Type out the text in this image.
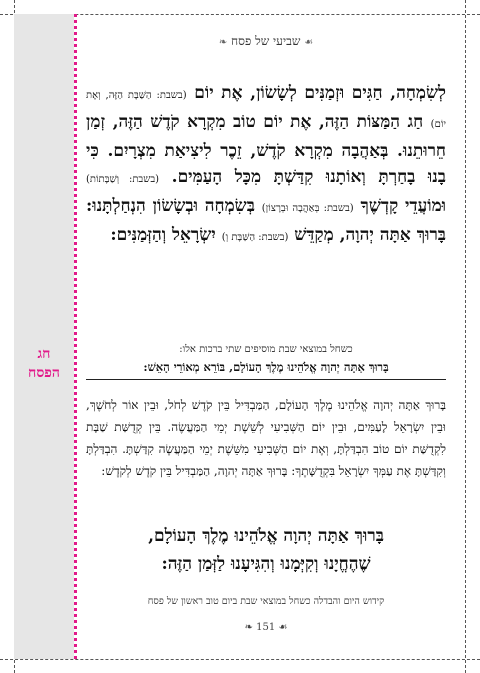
חג
הפסח
☙ שביעי של פסח ❧
לְשִׂמְחָה, חַגִּים וּזְמַנִּים לְשָׂשׂוֹן, אֶת יוֹם (בשבת: הַשַּׁבָּת הַזֶּה, וְאֶת יוֹם) חַג הַמַּצּוֹת הַזֶּה, אֶת יוֹם טוֹב מִקְרָא קֹדֶשׁ הַזֶּה, זְמַן חֵרוּתֵנוּ. בְּאַהֲבָה מִקְרָא קֹדֶשׁ, זֵכֶר לִיצִיאַת מִצְרָיִם. כִּי בָנוּ בָחַרְתָּ וְאוֹתָנוּ קִדַּשְׁתָּ מִכָּל הָעַמִּים. (בשבת: וְשַׁבָּתוֹת) וּמוֹעֲדֵי קָדְשֶׁךָ (בשבת: בְּאַהֲבָה וּבְרָצוֹן) בְּשִׂמְחָה וּבְשָׂשׂוֹן הִנְחַלְתָּנוּ: בָּרוּךְ אַתָּה יְהוָה, מְקַדֵּשׁ (בשבת: הַשַּׁבָּת וְ) יִשְׂרָאֵל וְהַזְּמַנִּים:
כשחל במוצאי שבת מוסיפים שתי ברכות אלו:
בָּרוּךְ אַתָּה יְהוָה אֱלֹהֵינוּ מֶלֶךְ הָעוֹלָם, בּוֹרֵא מְאוֹרֵי הָאֵשׁ:
בָּרוּךְ אַתָּה יְהוָה אֱלֹהֵינוּ מֶלֶךְ הָעוֹלָם, הַמַּבְדִּיל בֵּין קֹדֶשׁ לְחֹל, וּבֵין אוֹר לְחֹשֶׁךְ, וּבֵין יִשְׂרָאֵל לָעַמִּים, וּבֵין יוֹם הַשְּׁבִיעִי לְשֵׁשֶׁת יְמֵי הַמַּעֲשֶׂה. בֵּין קְדֻשַּׁת שַׁבָּת לִקְדֻשַּׁת יוֹם טוֹב הִבְדַּלְתָּ, וְאֶת יוֹם הַשְּׁבִיעִי מִשֵּׁשֶׁת יְמֵי הַמַּעֲשֶׂה קִדַּשְׁתָּ. הִבְדַּלְתָּ וְקִדַּשְׁתָּ אֶת עַמְּךָ יִשְׂרָאֵל בִּקְדֻשָּׁתֶךָ: בָּרוּךְ אַתָּה יְהוָה, הַמַּבְדִּיל בֵּין קֹדֶשׁ לְקֹדֶשׁ:
בָּרוּךְ אַתָּה יְהוָה אֱלֹהֵינוּ מֶלֶךְ הָעוֹלָם,
שֶׁהֶחֱיָנוּ וְקִיְּמָנוּ וְהִגִּיעָנוּ לַזְּמַן הַזֶּה:
קידוש היום והבדלה כשחל במוצאי שבת ביום טוב ראשון של פסח
❧ 151 ☙
